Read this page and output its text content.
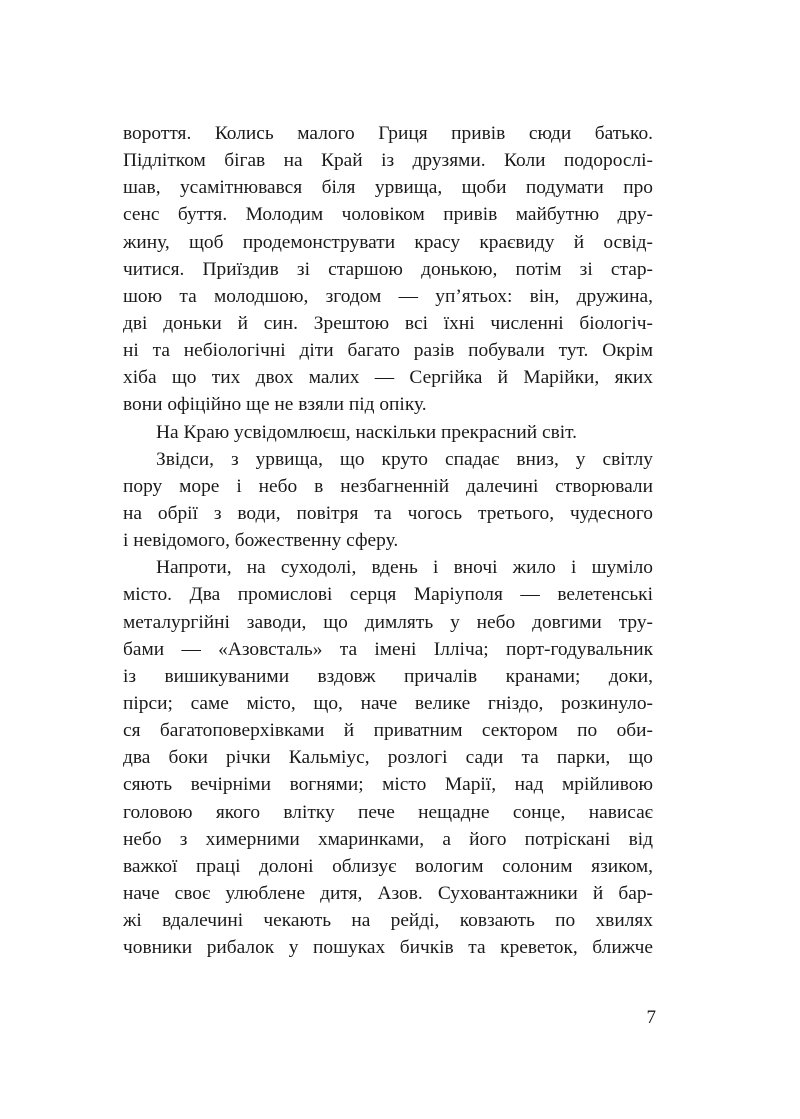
вороття. Колись малого Гриця привів сюди батько.
Підлітком бігав на Край із друзями. Коли подорослі-
шав, усамітнювався біля урвища, щоби подумати про
сенс буття. Молодим чоловіком привів майбутню дру-
жину, щоб продемонструвати красу краєвиду й освід-
читися. Приїздив зі старшою донькою, потім зі стар-
шою та молодшою, згодом — уп’ятьох: він, дружина,
дві доньки й син. Зрештою всі їхні численні біологіч-
ні та небіологічні діти багато разів побували тут. Окрім
хіба що тих двох малих — Сергійка й Марійки, яких
вони офіційно ще не взяли під опіку.
На Краю усвідомлюєш, наскільки прекрасний світ.
Звідси, з урвища, що круто спадає вниз, у світлу
пору море і небо в незбагненній далечині створювали
на обрії з води, повітря та чогось третього, чудесного
і невідомого, божественну сферу.
Напроти, на суходолі, вдень і вночі жило і шуміло
місто. Два промислові серця Маріуполя — велетенські
металургійні заводи, що димлять у небо довгими тру-
бами — «Азовсталь» та імені Ілліча; порт-годувальник
із вишикуваними вздовж причалів кранами; доки,
пірси; саме місто, що, наче велике гніздо, розкинуло-
ся багатоповерхівками й приватним сектором по оби-
два боки річки Кальміус, розлогі сади та парки, що
сяють вечірніми вогнями; місто Марії, над мрійливою
головою якого влітку пече нещадне сонце, нависає
небо з химерними хмаринками, а його потріскані від
важкої праці долоні облизує вологим солоним язиком,
наче своє улюблене дитя, Азов. Суховантажники й бар-
жі вдалечині чекають на рейді, ковзають по хвилях
човники рибалок у пошуках бичків та креветок, ближче
7
